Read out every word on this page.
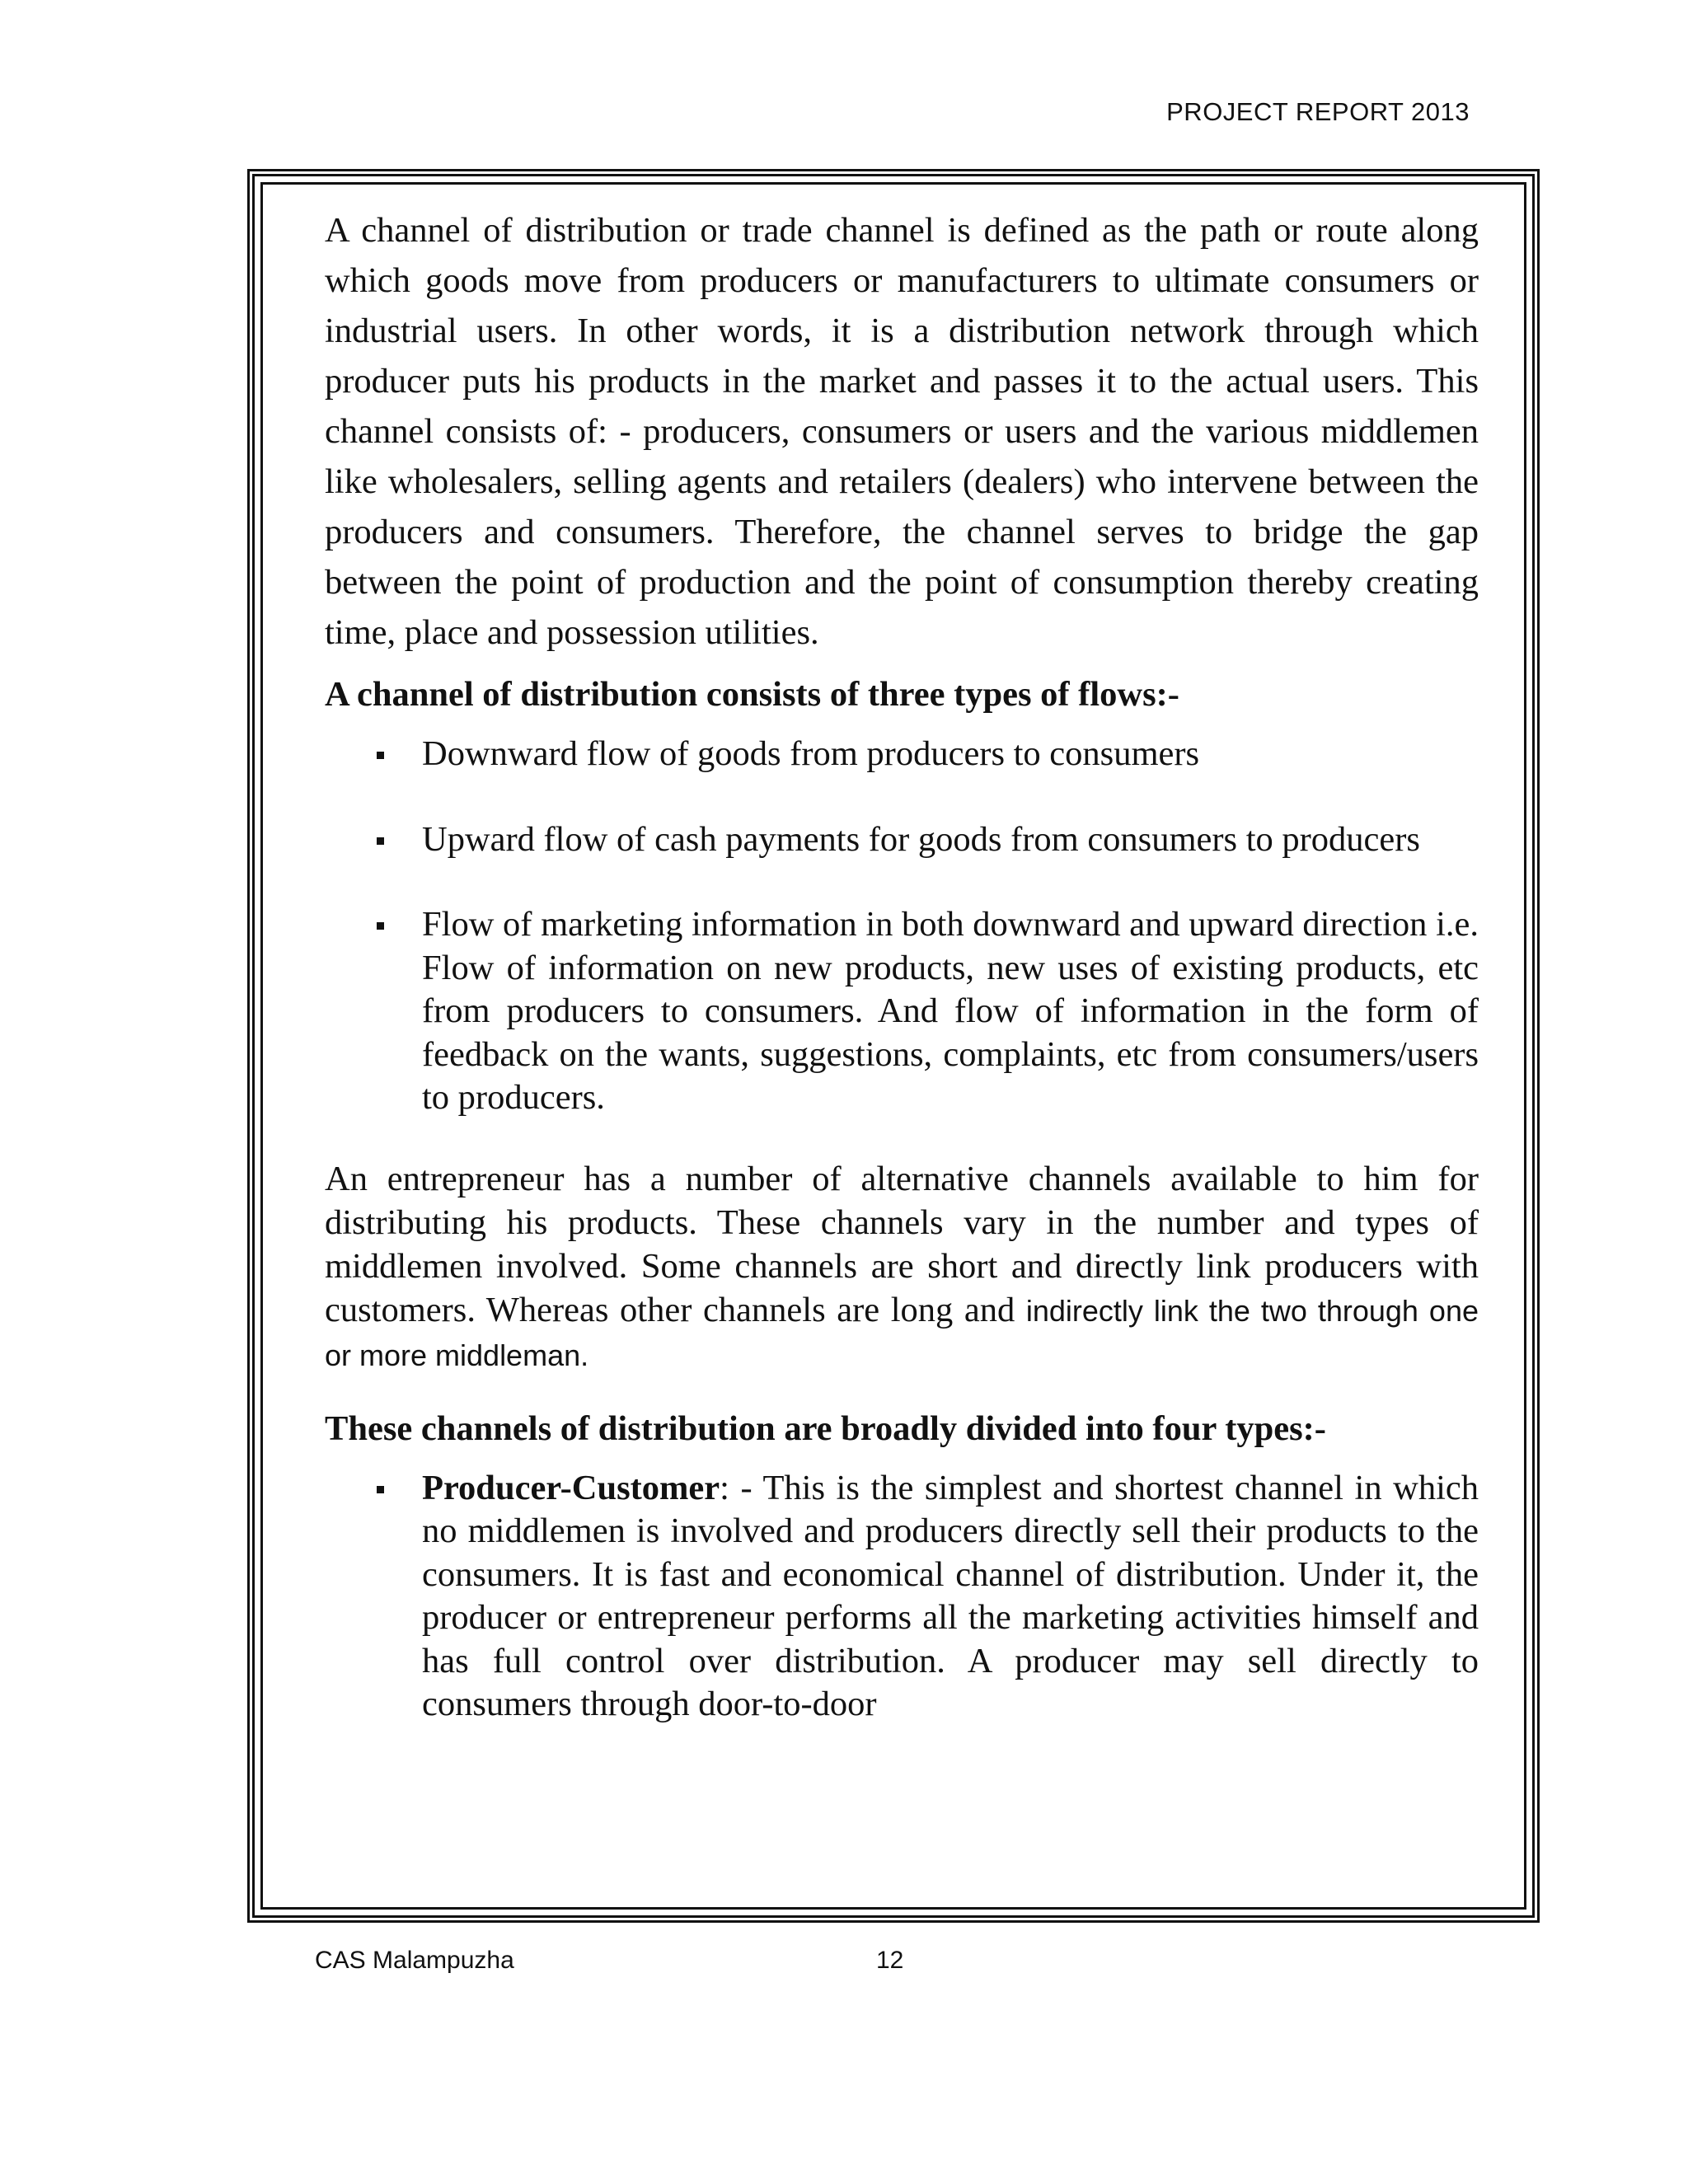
PROJECT REPORT 2013

A channel of distribution or trade channel is defined as the path or route along which goods move from producers or manufacturers to ultimate consumers or industrial users. In other words, it is a distribution network through which producer puts his products in the market and passes it to the actual users. This channel consists of: - producers, consumers or users and the various middlemen like wholesalers, selling agents and retailers (dealers) who intervene between the producers and consumers. Therefore, the channel serves to bridge the gap between the point of production and the point of consumption thereby creating time, place and possession utilities.

A channel of distribution consists of three types of flows:-

Downward flow of goods from producers to consumers
Upward flow of cash payments for goods from consumers to producers
Flow of marketing information in both downward and upward direction i.e. Flow of information on new products, new uses of existing products, etc from producers to consumers. And flow of information in the form of feedback on the wants, suggestions, complaints, etc from consumers/users to producers.

An entrepreneur has a number of alternative channels available to him for distributing his products. These channels vary in the number and types of middlemen involved. Some channels are short and directly link producers with customers. Whereas other channels are long and indirectly link the two through one or more middleman.

These channels of distribution are broadly divided into four types:-

Producer-Customer: - This is the simplest and shortest channel in which no middlemen is involved and producers directly sell their products to the consumers. It is fast and economical channel of distribution. Under it, the producer or entrepreneur performs all the marketing activities himself and has full control over distribution. A producer may sell directly to consumers through door-to-door
CAS Malampuzha	12
